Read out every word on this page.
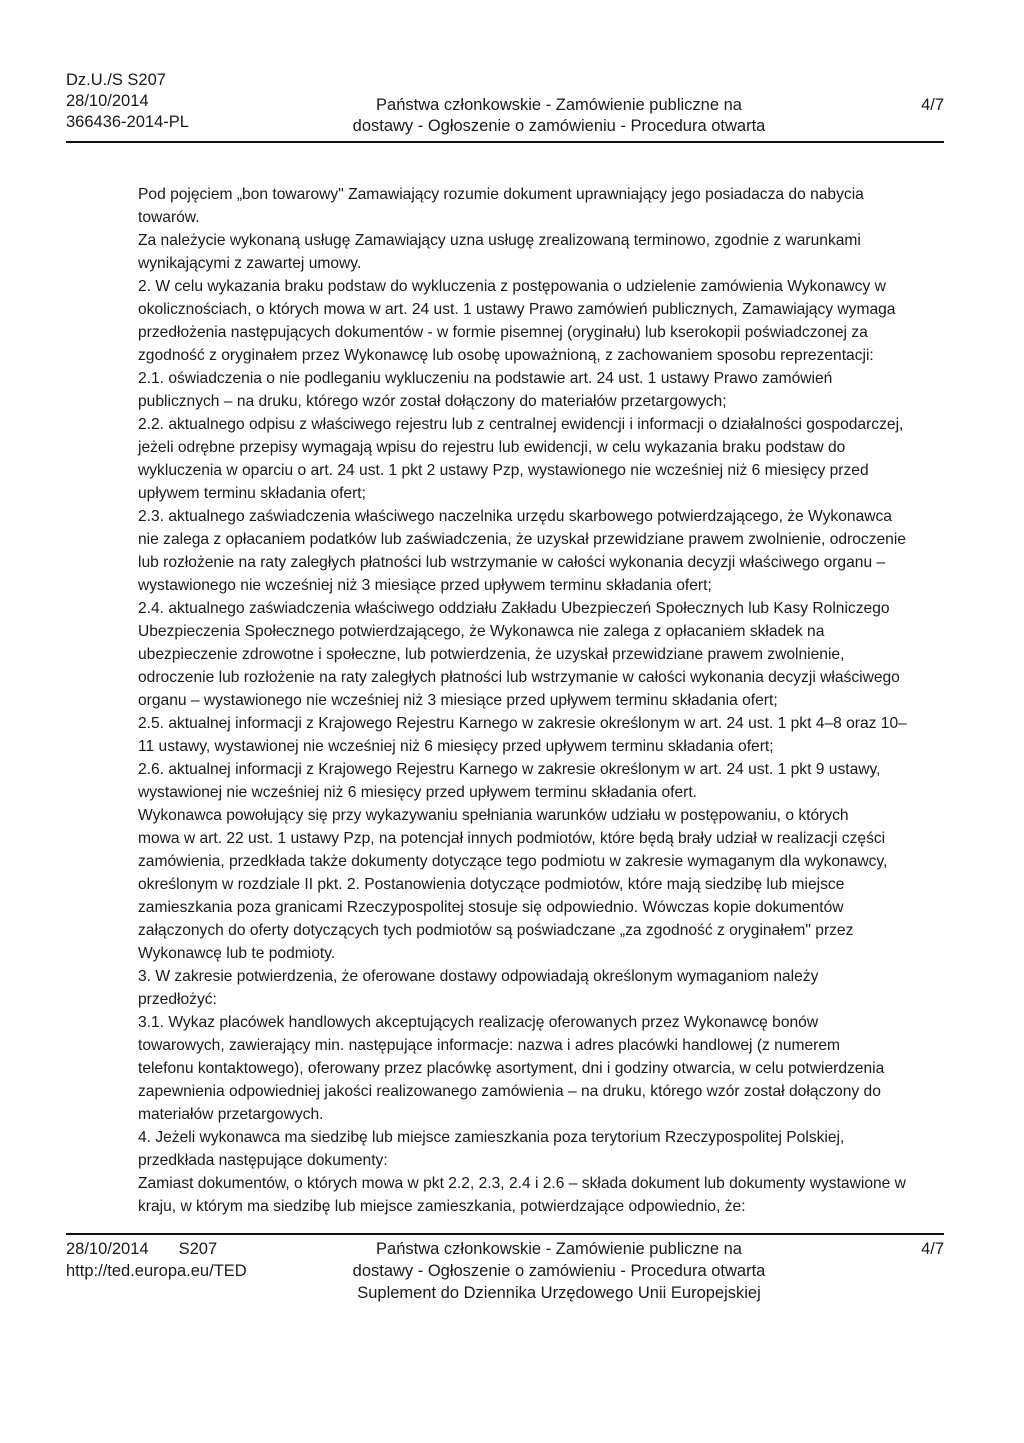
Dz.U./S S207
28/10/2014
366436-2014-PL
Państwa członkowskie - Zamówienie publiczne na
dostawy - Ogłoszenie o zamówieniu - Procedura otwarta
4/7
Pod pojęciem „bon towarowy" Zamawiający rozumie dokument uprawniający jego posiadacza do nabycia
towarów.
Za należycie wykonaną usługę Zamawiający uzna usługę zrealizowaną terminowo, zgodnie z warunkami
wynikającymi z zawartej umowy.
2. W celu wykazania braku podstaw do wykluczenia z postępowania o udzielenie zamówienia Wykonawcy w
okolicznościach, o których mowa w art. 24 ust. 1 ustawy Prawo zamówień publicznych, Zamawiający wymaga
przedłożenia następujących dokumentów - w formie pisemnej (oryginału) lub kserokopii poświadczonej za
zgodność z oryginałem przez Wykonawcę lub osobę upoważnioną, z zachowaniem sposobu reprezentacji:
2.1. oświadczenia o nie podleganiu wykluczeniu na podstawie art. 24 ust. 1 ustawy Prawo zamówień
publicznych – na druku, którego wzór został dołączony do materiałów przetargowych;
2.2. aktualnego odpisu z właściwego rejestru lub z centralnej ewidencji i informacji o działalności gospodarczej,
jeżeli odrębne przepisy wymagają wpisu do rejestru lub ewidencji, w celu wykazania braku podstaw do
wykluczenia w oparciu o art. 24 ust. 1 pkt 2 ustawy Pzp, wystawionego nie wcześniej niż 6 miesięcy przed
upływem terminu składania ofert;
2.3. aktualnego zaświadczenia właściwego naczelnika urzędu skarbowego potwierdzającego, że Wykonawca
nie zalega z opłacaniem podatków lub zaświadczenia, że uzyskał przewidziane prawem zwolnienie, odroczenie
lub rozłożenie na raty zaległych płatności lub wstrzymanie w całości wykonania decyzji właściwego organu –
wystawionego nie wcześniej niż 3 miesiące przed upływem terminu składania ofert;
2.4. aktualnego zaświadczenia właściwego oddziału Zakładu Ubezpieczeń Społecznych lub Kasy Rolniczego
Ubezpieczenia Społecznego potwierdzającego, że Wykonawca nie zalega z opłacaniem składek na
ubezpieczenie zdrowotne i społeczne, lub potwierdzenia, że uzyskał przewidziane prawem zwolnienie,
odroczenie lub rozłożenie na raty zaległych płatności lub wstrzymanie w całości wykonania decyzji właściwego
organu – wystawionego nie wcześniej niż 3 miesiące przed upływem terminu składania ofert;
2.5. aktualnej informacji z Krajowego Rejestru Karnego w zakresie określonym w art. 24 ust. 1 pkt 4–8 oraz 10–
11 ustawy, wystawionej nie wcześniej niż 6 miesięcy przed upływem terminu składania ofert;
2.6. aktualnej informacji z Krajowego Rejestru Karnego w zakresie określonym w art. 24 ust. 1 pkt 9 ustawy,
wystawionej nie wcześniej niż 6 miesięcy przed upływem terminu składania ofert.
Wykonawca powołujący się przy wykazywaniu spełniania warunków udziału w postępowaniu, o których
mowa w art. 22 ust. 1 ustawy Pzp, na potencjał innych podmiotów, które będą brały udział w realizacji części
zamówienia, przedkłada także dokumenty dotyczące tego podmiotu w zakresie wymaganym dla wykonawcy,
określonym w rozdziale II pkt. 2. Postanowienia dotyczące podmiotów, które mają siedzibę lub miejsce
zamieszkania poza granicami Rzeczypospolitej stosuje się odpowiednio. Wówczas kopie dokumentów
załączonych do oferty dotyczących tych podmiotów są poświadczane „za zgodność z oryginałem" przez
Wykonawcę lub te podmioty.
3. W zakresie potwierdzenia, że oferowane dostawy odpowiadają określonym wymaganiom należy
przedłożyć:
3.1. Wykaz placówek handlowych akceptujących realizację oferowanych przez Wykonawcę bonów
towarowych, zawierający min. następujące informacje: nazwa i adres placówki handlowej (z numerem
telefonu kontaktowego), oferowany przez placówkę asortyment, dni i godziny otwarcia, w celu potwierdzenia
zapewnienia odpowiedniej jakości realizowanego zamówienia – na druku, którego wzór został dołączony do
materiałów przetargowych.
4. Jeżeli wykonawca ma siedzibę lub miejsce zamieszkania poza terytorium Rzeczypospolitej Polskiej,
przedkłada następujące dokumenty:
Zamiast dokumentów, o których mowa w pkt 2.2, 2.3, 2.4 i 2.6 – składa dokument lub dokumenty wystawione w
kraju, w którym ma siedzibę lub miejsce zamieszkania, potwierdzające odpowiednio, że:
28/10/2014 S207
http://ted.europa.eu/TED
Państwa członkowskie - Zamówienie publiczne na
dostawy - Ogłoszenie o zamówieniu - Procedura otwarta
Suplement do Dziennika Urzędowego Unii Europejskiej
4/7
